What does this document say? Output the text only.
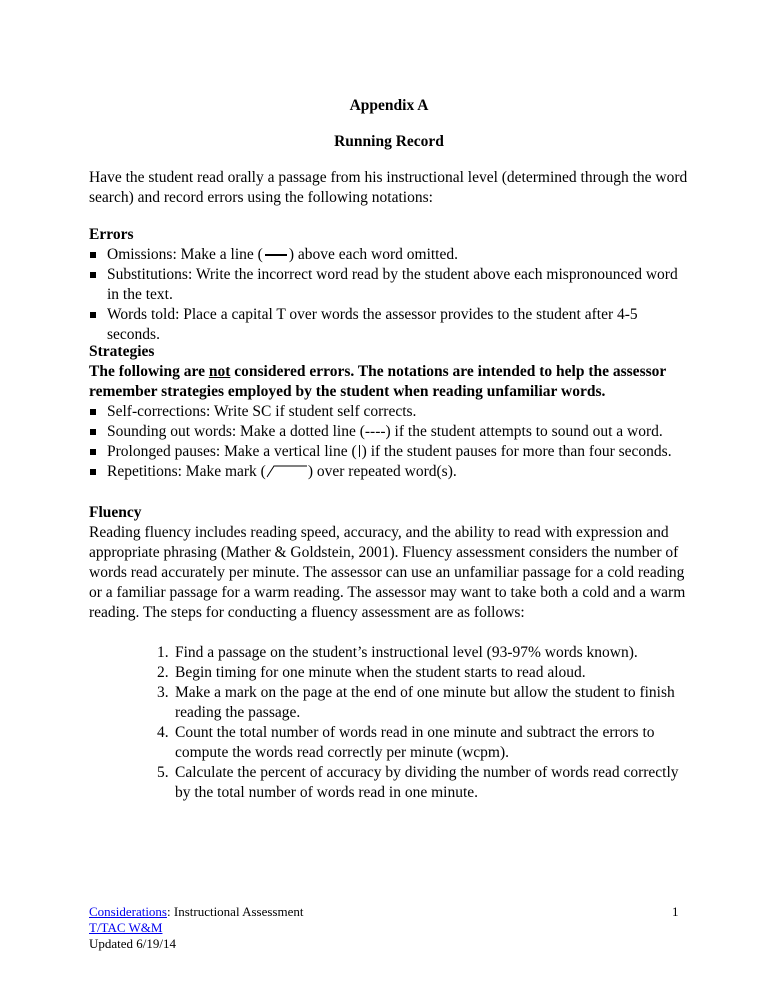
Appendix A
Running Record

Have the student read orally a passage from his instructional level (determined through the word search) and record errors using the following notations:

Errors

Omissions: Make a line ( ) above each word omitted.
Substitutions: Write the incorrect word read by the student above each mispronounced word in the text.
Words told: Place a capital T over words the assessor provides to the student after 4-5 seconds.

Strategies

The following are not considered errors. The notations are intended to help the assessor remember strategies employed by the student when reading unfamiliar words.

Self-corrections: Write SC if student self corrects.
Sounding out words: Make a dotted line (----) if the student attempts to sound out a word.
Prolonged pauses: Make a vertical line ( ) if the student pauses for more than four seconds.
Repetitions: Make mark (	) over repeated word(s).

Fluency

Reading fluency includes reading speed, accuracy, and the ability to read with expression and appropriate phrasing (Mather & Goldstein, 2001). Fluency assessment considers the number of words read accurately per minute. The assessor can use an unfamiliar passage for a cold reading or a familiar passage for a warm reading. The assessor may want to take both a cold and a warm reading. The steps for conducting a fluency assessment are as follows:

1. Find a passage on the student’s instructional level (93-97% words known).
2. Begin timing for one minute when the student starts to read aloud.
3. Make a mark on the page at the end of one minute but allow the student to finish reading the passage.
4. Count the total number of words read in one minute and subtract the errors to compute the words read correctly per minute (wcpm).
5. Calculate the percent of accuracy by dividing the number of words read correctly by the total number of words read in one minute.
Considerations: Instructional Assessment
T/TAC W&M
Updated 6/19/14
1
